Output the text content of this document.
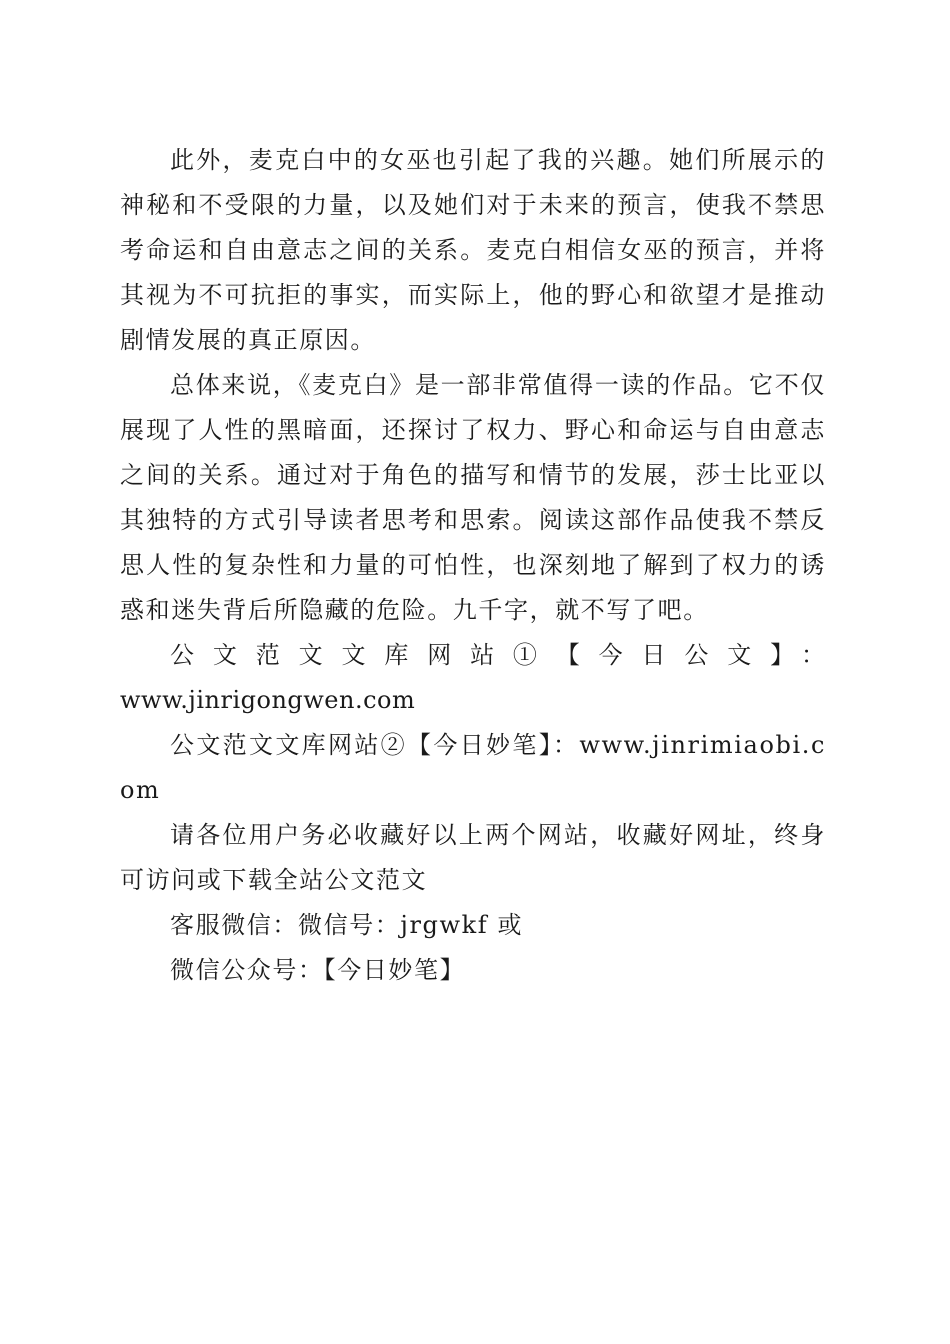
此外，麦克白中的女巫也引起了我的兴趣。她们所展示的神秘和不受限的力量，以及她们对于未来的预言，使我不禁思考命运和自由意志之间的关系。麦克白相信女巫的预言，并将其视为不可抗拒的事实，而实际上，他的野心和欲望才是推动剧情发展的真正原因。

总体来说，《麦克白》是一部非常值得一读的作品。它不仅展现了人性的黑暗面，还探讨了权力、野心和命运与自由意志之间的关系。通过对于角色的描写和情节的发展，莎士比亚以其独特的方式引导读者思考和思索。阅读这部作品使我不禁反思人性的复杂性和力量的可怕性，也深刻地了解到了权力的诱惑和迷失背后所隐藏的危险。九千字，就不写了吧。

公文范文文库网站①【今日公文】：
www.jinrigongwen.com

公文范文文库网站②【今日妙笔】：www.jinrimiaobi.com

请各位用户务必收藏好以上两个网站，收藏好网址，终身可访问或下载全站公文范文

客服微信：微信号：jrgwkf 或

微信公众号：【今日妙笔】
